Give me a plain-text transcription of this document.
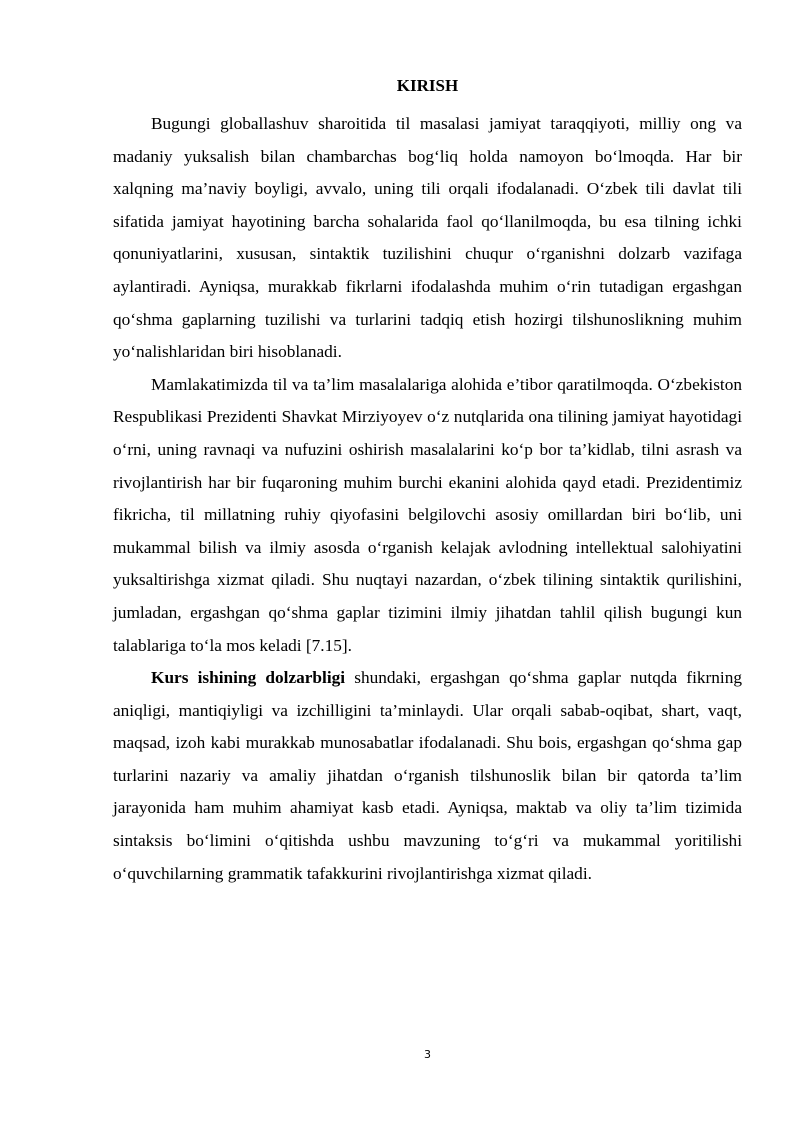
KIRISH

Bugungi globallashuv sharoitida til masalasi jamiyat taraqqiyoti, milliy ong va madaniy yuksalish bilan chambarchas bog‘liq holda namoyon bo‘lmoqda. Har bir xalqning ma’naviy boyligi, avvalo, uning tili orqali ifodalanadi. O‘zbek tili davlat tili sifatida jamiyat hayotining barcha sohalarida faol qo‘llanilmoqda, bu esa tilning ichki qonuniyatlarini, xususan, sintaktik tuzilishini chuqur o‘rganishni dolzarb vazifaga aylantiradi. Ayniqsa, murakkab fikrlarni ifodalashda muhim o‘rin tutadigan ergashgan qo‘shma gaplarning tuzilishi va turlarini tadqiq etish hozirgi tilshunoslikning muhim yo‘nalishlaridan biri hisoblanadi.

Mamlakatimizda til va ta’lim masalalariga alohida e’tibor qaratilmoqda. O‘zbekiston Respublikasi Prezidenti Shavkat Mirziyoyev o‘z nutqlarida ona tilining jamiyat hayotidagi o‘rni, uning ravnaqi va nufuzini oshirish masalalarini ko‘p bor ta’kidlab, tilni asrash va rivojlantirish har bir fuqaroning muhim burchi ekanini alohida qayd etadi. Prezidentimiz fikricha, til millatning ruhiy qiyofasini belgilovchi asosiy omillardan biri bo‘lib, uni mukammal bilish va ilmiy asosda o‘rganish kelajak avlodning intellektual salohiyatini yuksaltirishga xizmat qiladi. Shu nuqtayi nazardan, o‘zbek tilining sintaktik qurilishini, jumladan, ergashgan qo‘shma gaplar tizimini ilmiy jihatdan tahlil qilish bugungi kun talablariga to‘la mos keladi [7.15].

Kurs ishining dolzarbligi shundaki, ergashgan qo‘shma gaplar nutqda fikrning aniqligi, mantiqiyligi va izchilligini ta’minlaydi. Ular orqali sabab-oqibat, shart, vaqt, maqsad, izoh kabi murakkab munosabatlar ifodalanadi. Shu bois, ergashgan qo‘shma gap turlarini nazariy va amaliy jihatdan o‘rganish tilshunoslik bilan bir qatorda ta’lim jarayonida ham muhim ahamiyat kasb etadi. Ayniqsa, maktab va oliy ta’lim tizimida sintaksis bo‘limini o‘qitishda ushbu mavzuning to‘g‘ri va mukammal yoritilishi o‘quvchilarning grammatik tafakkurini rivojlantirishga xizmat qiladi.

3
